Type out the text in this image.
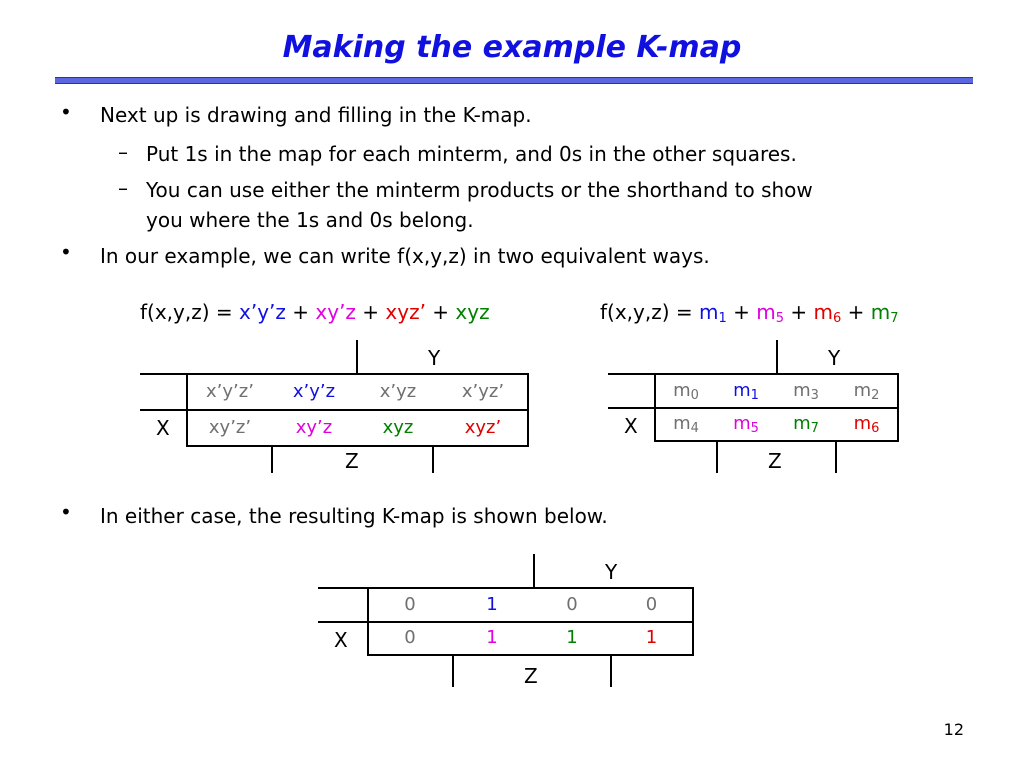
Making the example K-map
• Next up is drawing and filling in the K-map.
– Put 1s in the map for each minterm, and 0s in the other squares.
– You can use either the minterm products or the shorthand to show
you where the 1s and 0s belong.
• In our example, we can write f(x,y,z) in two equivalent ways.
f(x,y,z) = x’y’z + xy’z + xyz’ + xyz	$f(x,y,z) = m_1 + m_5 + m_6 + m_7$
Y
X
Z
x’y’z’	x’y’z	x’yz	x’yz’
xy’z’	xy’z	xyz	xyz’
Y
X
Z
$m_0$	$m_1$	$m_3$	$m_2$
$m_4$	$m_5$	$m_7$	$m_6$
• In either case, the resulting K-map is shown below.
Y
X
Z
0	1	0	0
0	1	1	1
12
